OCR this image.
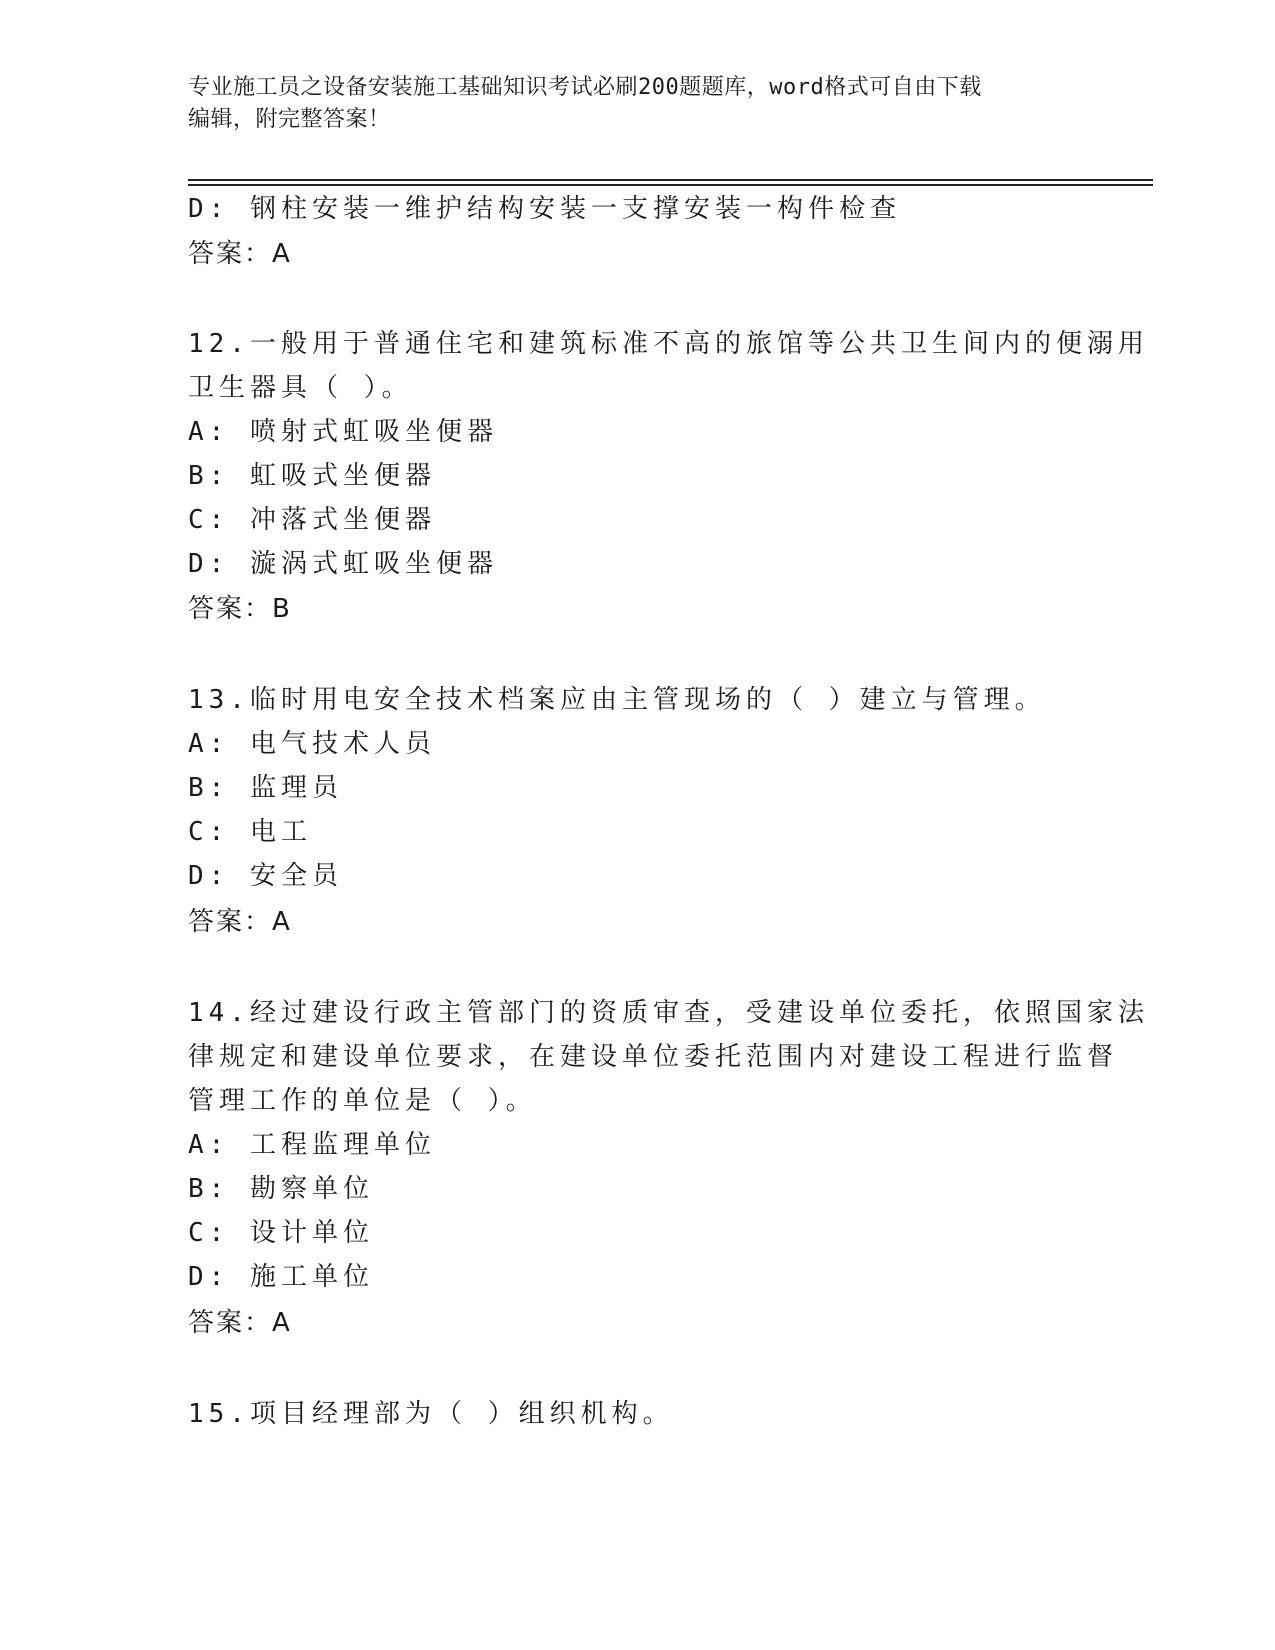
专业施工员之设备安装施工基础知识考试必刷200题题库，word格式可自由下载
编辑，附完整答案！
D: 钢柱安装一维护结构安装一支撑安装一构件检查
答案：A
12.一般用于普通住宅和建筑标准不高的旅馆等公共卫生间内的便溺用
卫生器具（ ）。
A: 喷射式虹吸坐便器
B: 虹吸式坐便器
C: 冲落式坐便器
D: 漩涡式虹吸坐便器
答案：B
13.临时用电安全技术档案应由主管现场的（ ）建立与管理。
A: 电气技术人员
B: 监理员
C: 电工
D: 安全员
答案：A
14.经过建设行政主管部门的资质审查，受建设单位委托，依照国家法
律规定和建设单位要求，在建设单位委托范围内对建设工程进行监督
管理工作的单位是（ ）。
A: 工程监理单位
B: 勘察单位
C: 设计单位
D: 施工单位
答案：A
15.项目经理部为（ ）组织机构。
